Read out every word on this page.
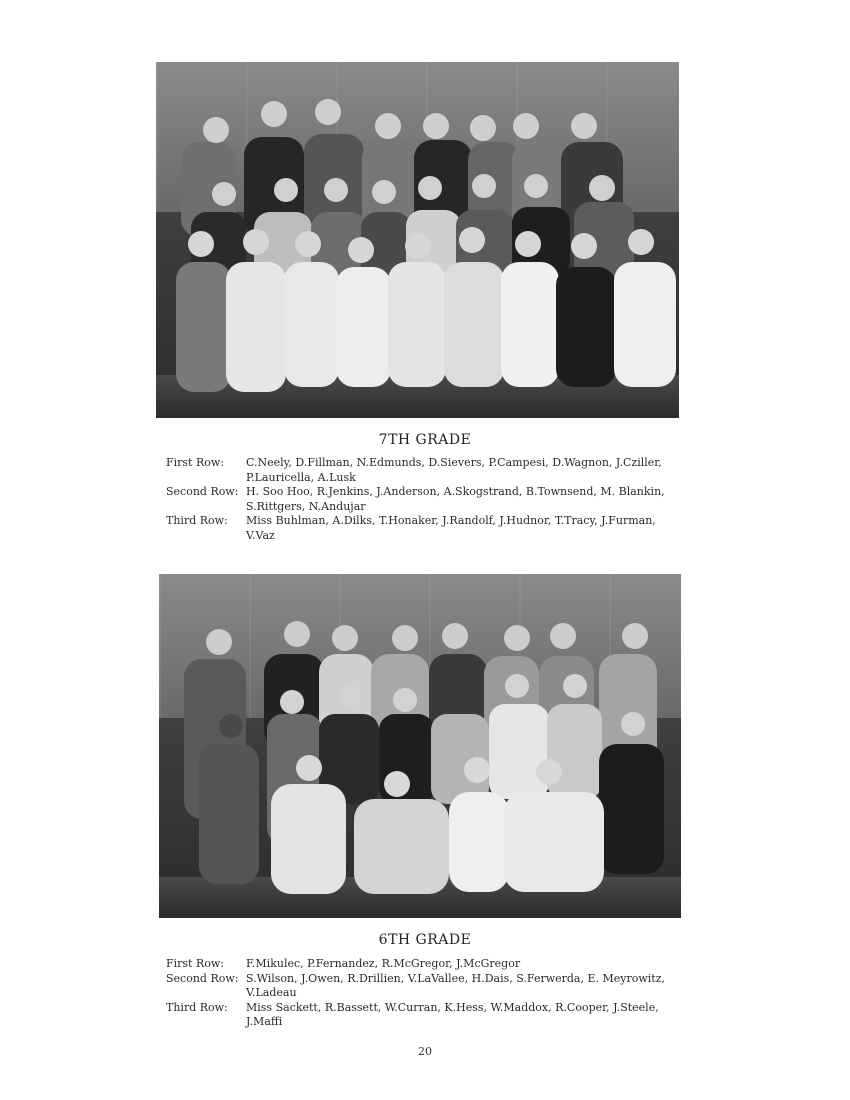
7TH GRADE
First Row:	C.Neely, D.Fillman, N.Edmunds, D.Sievers, P.Campesi, D.Wagnon, J.Cziller, P.Lauricella, A.Lusk
Second Row: H. Soo Hoo, R.Jenkins, J.Anderson, A.Skogstrand, B.Townsend, M. Blankin, S.Rittgers, N.Andujar
Third Row:	Miss Buhlman, A.Dilks, T.Honaker, J.Randolf, J.Hudnor, T.Tracy, J.Furman, V.Vaz
6TH GRADE
First Row:	F.Mikulec, P.Fernandez, R.McGregor, J.McGregor
Second Row: S.Wilson, J.Owen, R.Drillien, V.LaVallee, H.Dais, S.Ferwerda, E. Meyrowitz, V.Ladeau
Third Row:	Miss Sackett, R.Bassett, W.Curran, K.Hess, W.Maddox, R.Cooper, J.Steele, J.Maffi
20
